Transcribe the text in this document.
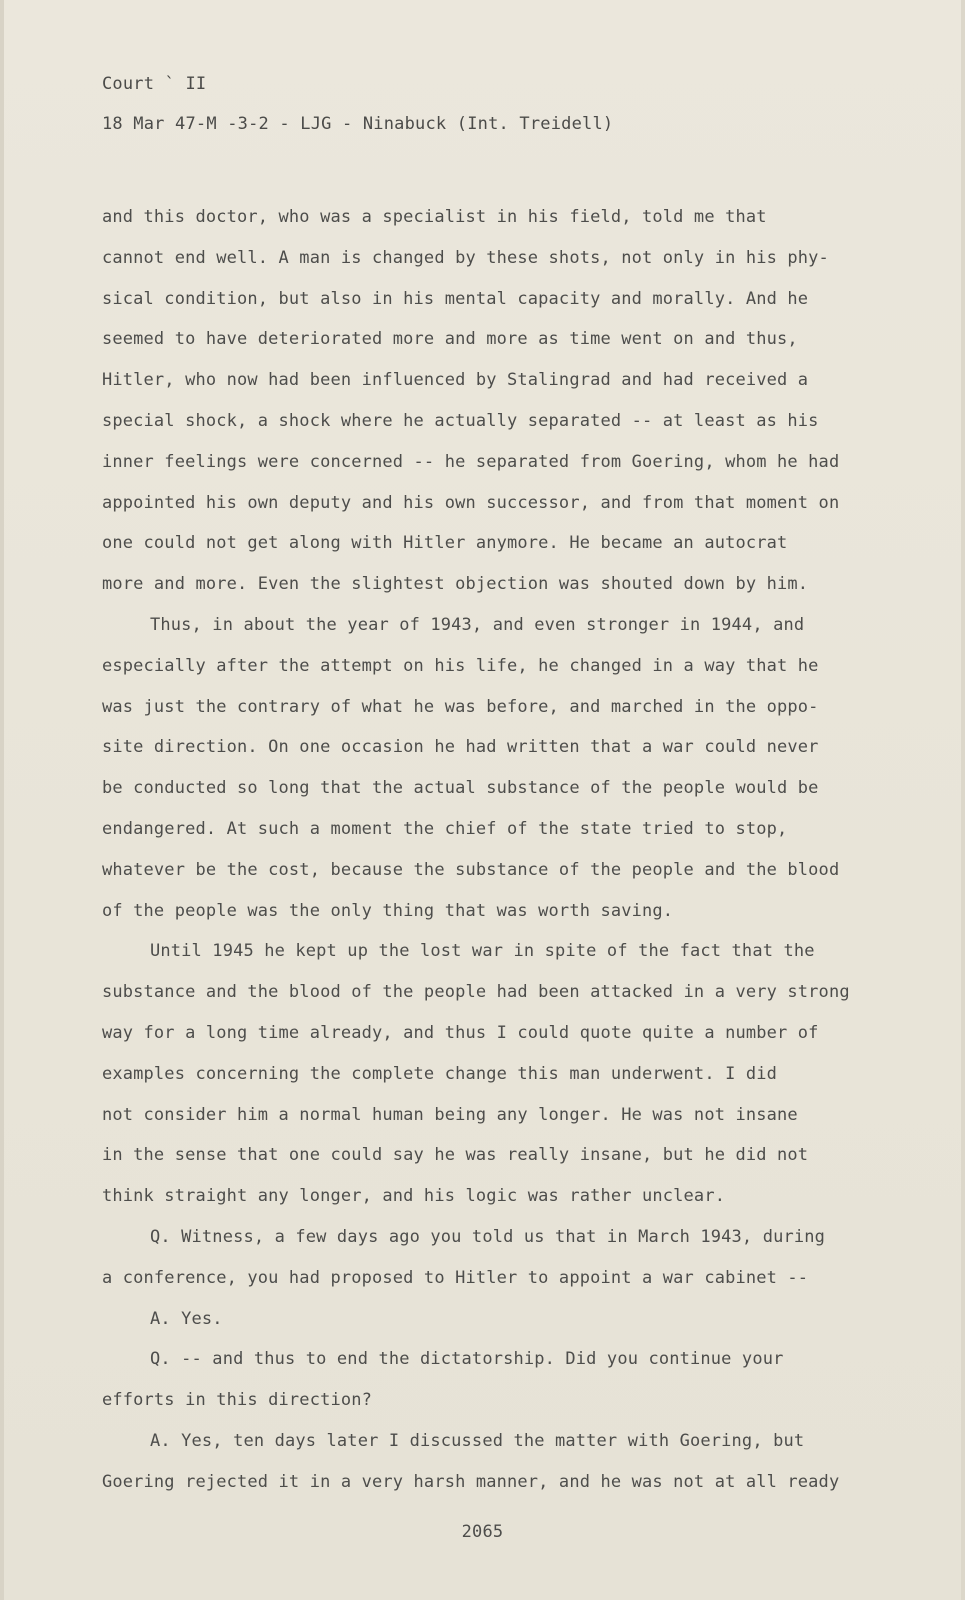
Court ` II
18 Mar 47-M -3-2 - LJG - Ninabuck (Int. Treidell)
and this doctor, who was a specialist in his field, told me that
cannot end well. A man is changed by these shots, not only in his phy-
sical condition, but also in his mental capacity and morally. And he
seemed to have deteriorated more and more as time went on and thus,
Hitler, who now had been influenced by Stalingrad and had received a
special shock, a shock where he actually separated -- at least as his
inner feelings were concerned -- he separated from Goering, whom he had
appointed his own deputy and his own successor, and from that moment on
one could not get along with Hitler anymore. He became an autocrat
more and more. Even the slightest objection was shouted down by him.
Thus, in about the year of 1943, and even stronger in 1944, and
especially after the attempt on his life, he changed in a way that he
was just the contrary of what he was before, and marched in the oppo-
site direction. On one occasion he had written that a war could never
be conducted so long that the actual substance of the people would be
endangered. At such a moment the chief of the state tried to stop,
whatever be the cost, because the substance of the people and the blood
of the people was the only thing that was worth saving.
Until 1945 he kept up the lost war in spite of the fact that the
substance and the blood of the people had been attacked in a very strong
way for a long time already, and thus I could quote quite a number of
examples concerning the complete change this man underwent. I did
not consider him a normal human being any longer. He was not insane
in the sense that one could say he was really insane, but he did not
think straight any longer, and his logic was rather unclear.
Q. Witness, a few days ago you told us that in March 1943, during
a conference, you had proposed to Hitler to appoint a war cabinet --
A. Yes.
Q. -- and thus to end the dictatorship. Did you continue your
efforts in this direction?
A. Yes, ten days later I discussed the matter with Goering, but
Goering rejected it in a very harsh manner, and he was not at all ready
2065
